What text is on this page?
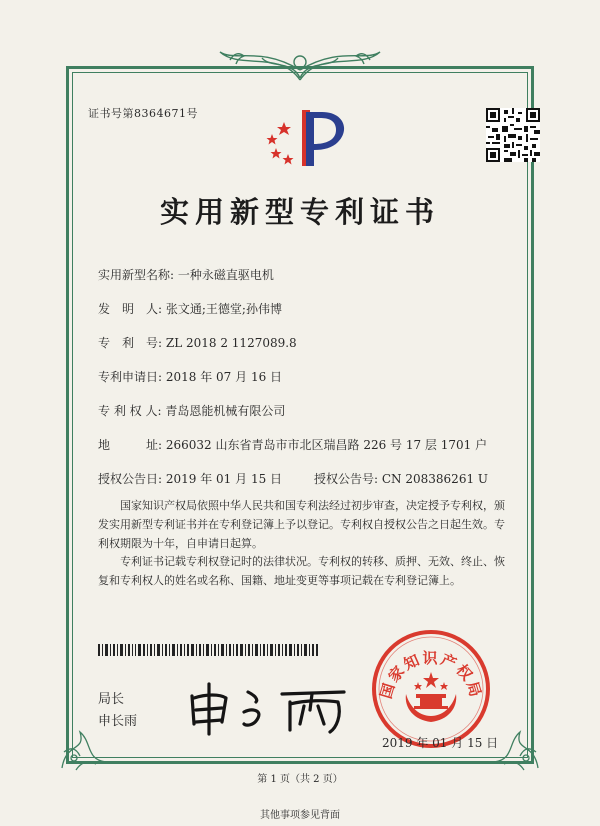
证书号第8364671号
实用新型专利证书
实用新型名称: 一种永磁直驱电机
发　明　人: 张文通;王德堂;孙伟博
专　利　号: ZL 2018 2 1127089.8
专利申请日: 2018 年 07 月 16 日
专 利 权 人: 青岛恩能机械有限公司
地　　　址: 266032 山东省青岛市市北区瑞昌路 226 号 17 层 1701 户
授权公告日: 2019 年 01 月 15 日	授权公告号: CN 208386261 U
国家知识产权局依照中华人民共和国专利法经过初步审查，决定授予专利权，颁发实用新型专利证书并在专利登记簿上予以登记。专利权自授权公告之日起生效。专利权期限为十年，自申请日起算。
专利证书记载专利权登记时的法律状况。专利权的转移、质押、无效、终止、恢复和专利权人的姓名或名称、国籍、地址变更等事项记载在专利登记簿上。
局长
申长雨
国家知识产权局
2019 年 01 月 15 日
第 1 页（共 2 页）
其他事项参见背面
